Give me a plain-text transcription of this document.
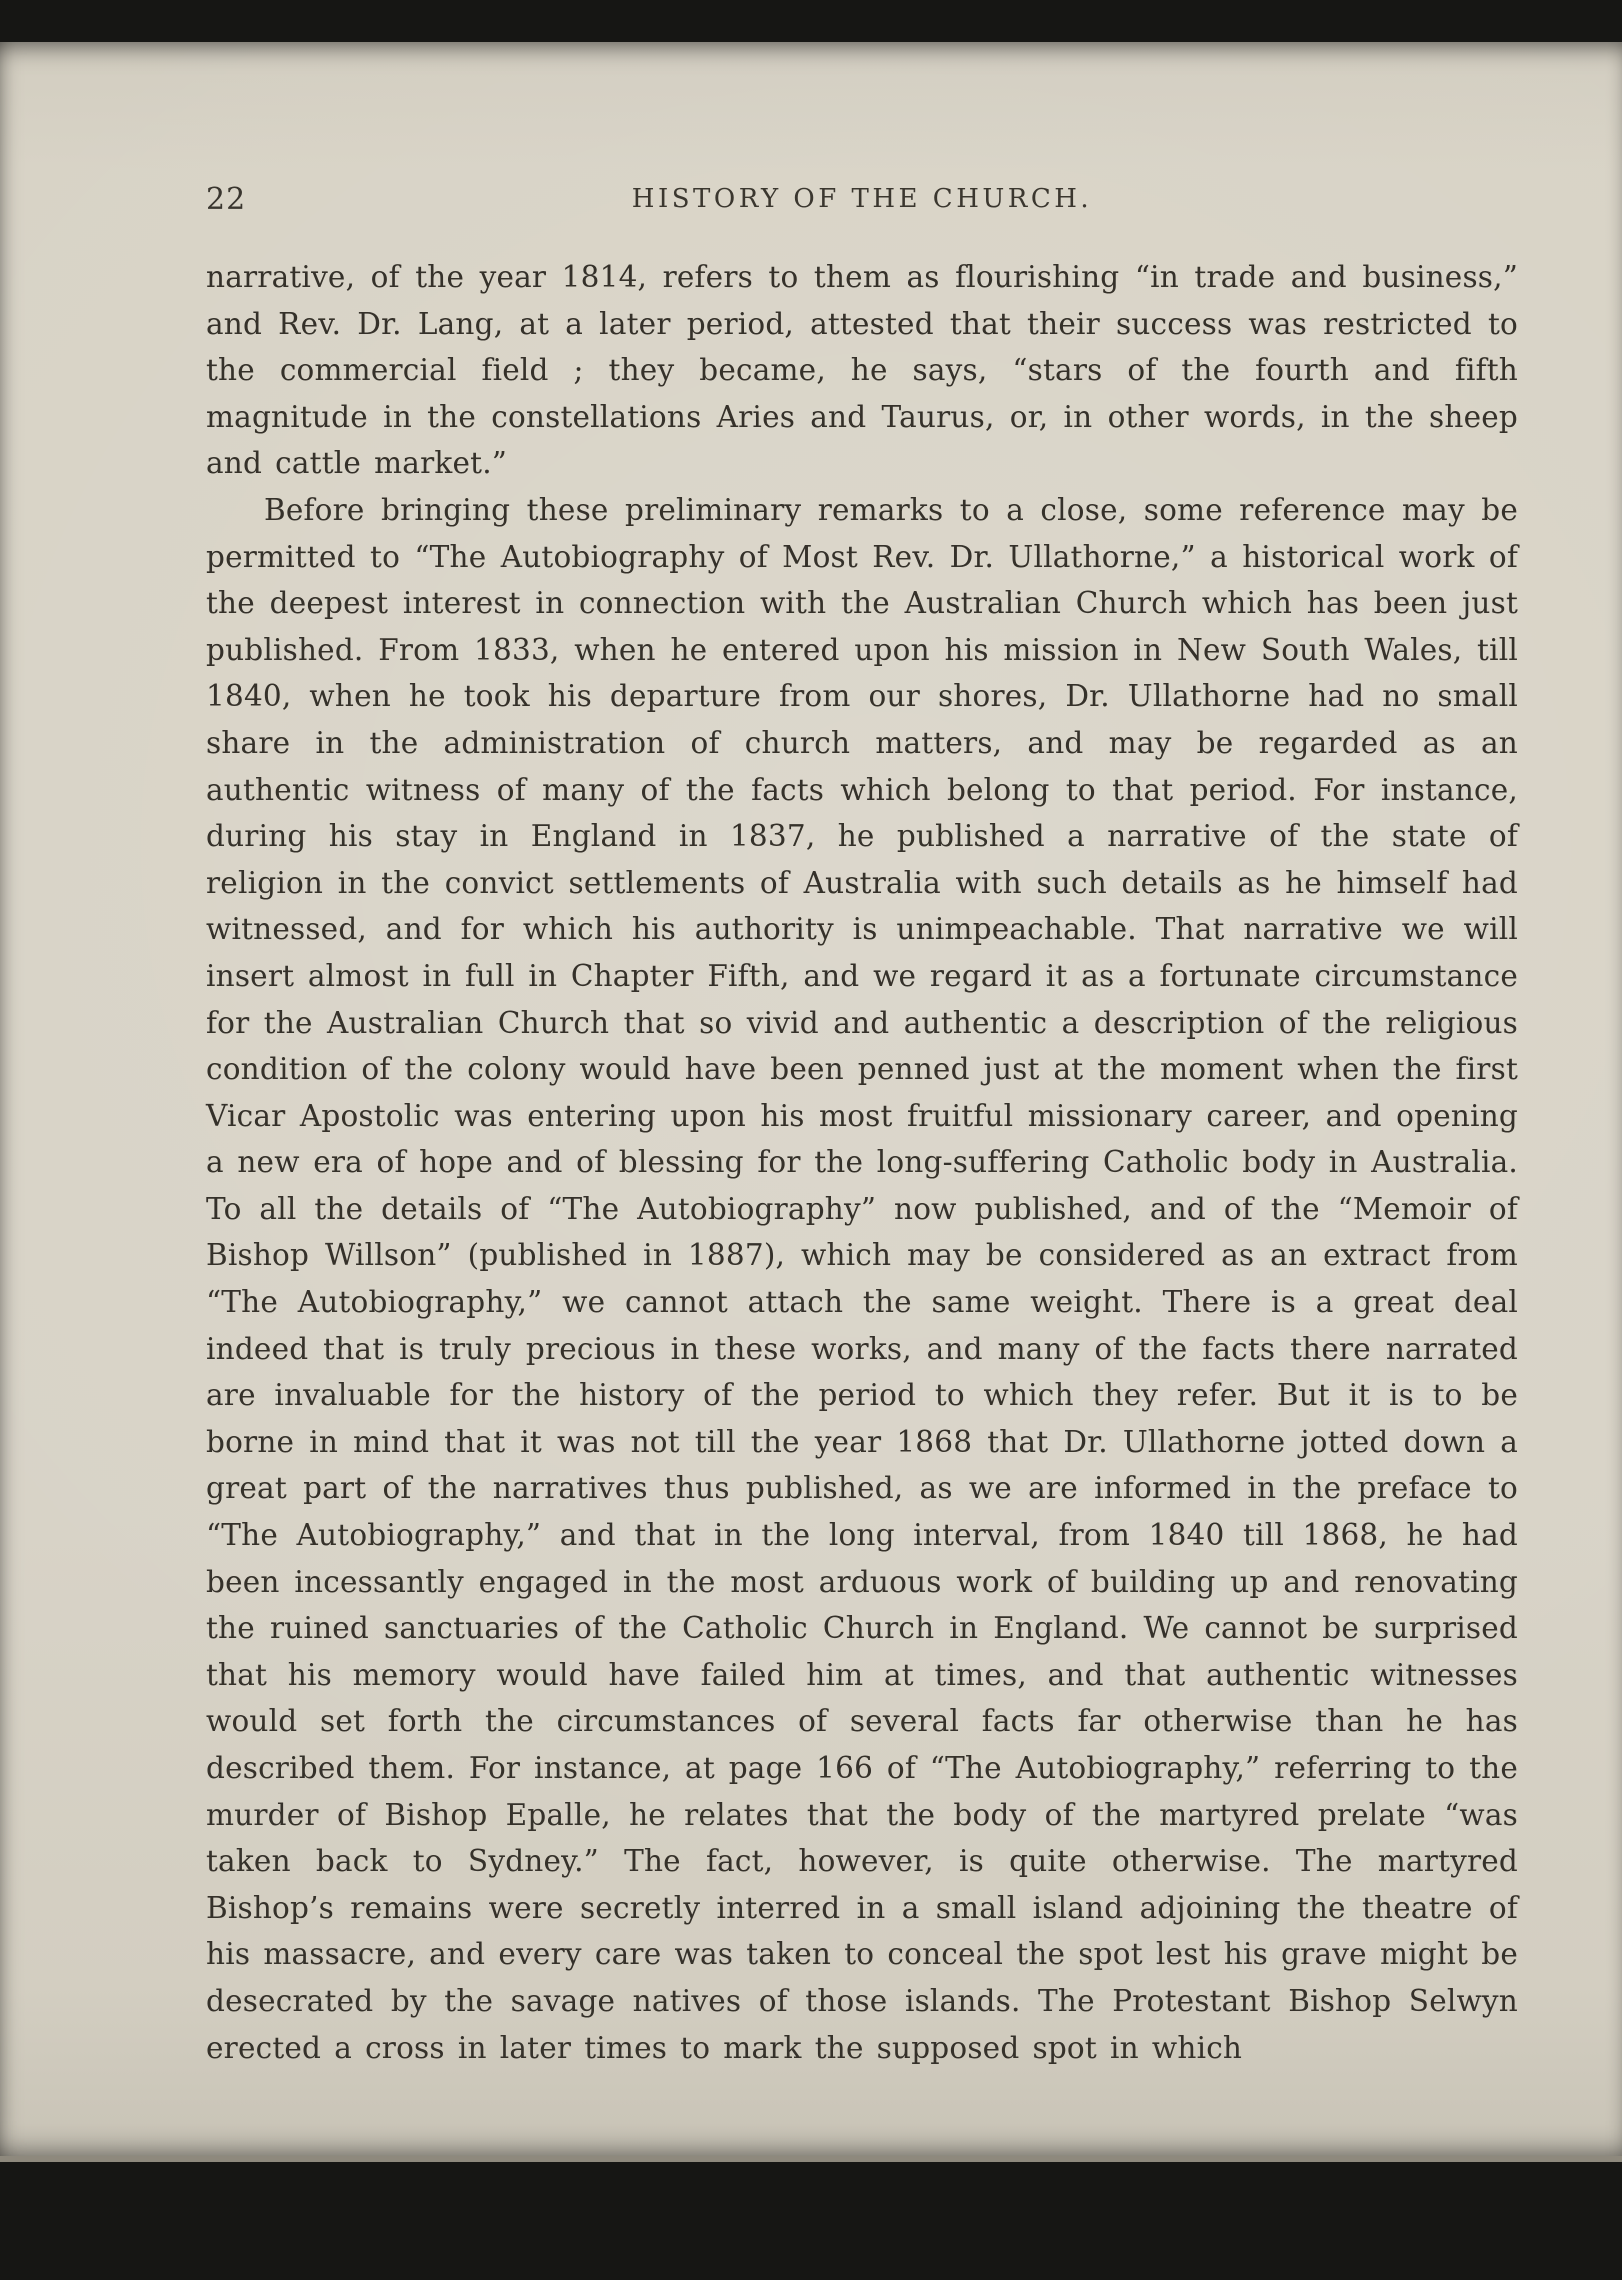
22	HISTORY OF THE CHURCH.

narrative, of the year 1814, refers to them as flourishing “in trade and business,” and Rev. Dr. Lang, at a later period, attested that their success was restricted to the commercial field ; they became, he says, “stars of the fourth and fifth magnitude in the constellations Aries and Taurus, or, in other words, in the sheep and cattle market.”

Before bringing these preliminary remarks to a close, some reference may be permitted to “The Autobiography of Most Rev. Dr. Ullathorne,” a historical work of the deepest interest in connection with the Australian Church which has been just published. From 1833, when he entered upon his mission in New South Wales, till 1840, when he took his departure from our shores, Dr. Ullathorne had no small share in the administration of church matters, and may be regarded as an authentic witness of many of the facts which belong to that period. For instance, during his stay in England in 1837, he published a narrative of the state of religion in the convict settlements of Australia with such details as he himself had witnessed, and for which his authority is unimpeachable. That narrative we will insert almost in full in Chapter Fifth, and we regard it as a fortunate circumstance for the Australian Church that so vivid and authentic a description of the religious condition of the colony would have been penned just at the moment when the first Vicar Apostolic was entering upon his most fruitful missionary career, and opening a new era of hope and of blessing for the long-suffering Catholic body in Australia. To all the details of “The Autobiography” now published, and of the “Memoir of Bishop Willson” (published in 1887), which may be considered as an extract from “The Autobiography,” we cannot attach the same weight. There is a great deal indeed that is truly precious in these works, and many of the facts there narrated are invaluable for the history of the period to which they refer. But it is to be borne in mind that it was not till the year 1868 that Dr. Ullathorne jotted down a great part of the narratives thus published, as we are informed in the preface to “The Autobiography,” and that in the long interval, from 1840 till 1868, he had been incessantly engaged in the most arduous work of building up and renovating the ruined sanctuaries of the Catholic Church in England. We cannot be surprised that his memory would have failed him at times, and that authentic witnesses would set forth the circumstances of several facts far otherwise than he has described them. For instance, at page 166 of “The Autobiography,” referring to the murder of Bishop Epalle, he relates that the body of the martyred prelate “was taken back to Sydney.” The fact, however, is quite otherwise. The martyred Bishop’s remains were secretly interred in a small island adjoining the theatre of his massacre, and every care was taken to conceal the spot lest his grave might be desecrated by the savage natives of those islands. The Protestant Bishop Selwyn erected a cross in later times to mark the supposed spot in which
